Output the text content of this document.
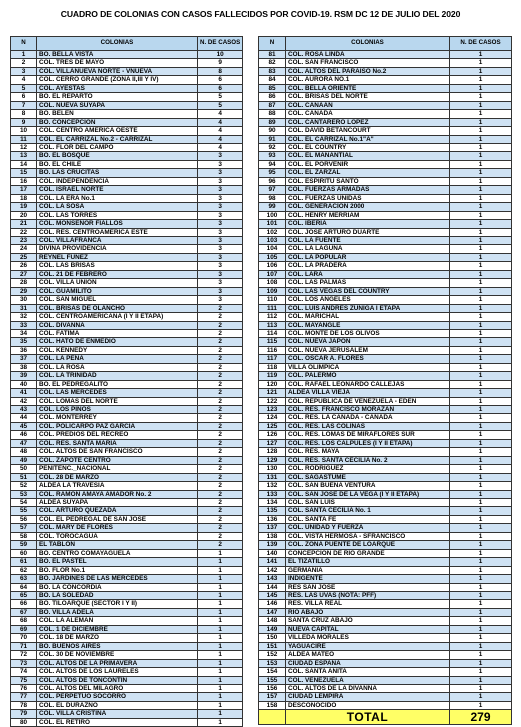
CUADRO DE COLONIAS CON CASOS FALLECIDOS POR COVID-19. RSM DC 12 DE JULIO DEL 2020
N	COLONIAS	N. DE CASOS
1	BO. BELLA VISTA	10
2	COL. TRES DE MAYO	9
3	COL. VILLANUEVA NORTE - VNUEVA	8
4	COL. CERRO GRANDE (ZONA II,III Y IV)	6
5	COL. AYESTAS	6
6	BO. EL REPARTO	5
7	COL. NUEVA SUYAPA	5
8	BO. BELEN	4
9	BO. CONCEPCIÓN	4
10	COL. CENTRO AMERICA OESTE	4
11	COL. EL CARRIZAL No.2 - CARRIZAL	4
12	COL. FLOR DEL CAMPO	4
13	BO. EL BOSQUE	3
14	BO. EL CHILE	3
15	BO. LAS CRUCITAS	3
16	COL. INDEPENDENCIA	3
17	COL. ISRAEL NORTE	3
18	COL. LA ERA No.1	3
19	COL. LA SOSA	3
20	COL. LAS TORRES	3
21	COL. MONSEÑOR FIALLOS	3
22	COL. RES. CENTROAMERICA ESTE	3
23	COL. VILLAFRANCA	3
24	DIVINA PROVIDENCIA	3
25	REYNEL FUNEZ	3
26	COL. LAS BRISAS	3
27	COL. 21 DE FEBRERO	3
28	COL. VILLA UNION	3
29	COL. GUAMILITO	3
30	COL. SAN MIGUEL	3
31	COL. BRISAS DE OLANCHO	2
32	COL. CENTROAMERICANA (I Y II ETAPA)	2
33	COL. DIVANNA	2
34	COL. FATIMA	2
35	COL. HATO DE ENMEDIO	2
36	COL. KENNEDY	2
37	COL. LA PEÑA	2
38	COL. LA ROSA	2
39	COL. LA TRINIDAD	2
40	BO. EL PEDREGALITO	2
41	COL. LAS MERCEDES	2
42	COL. LOMAS DEL NORTE	2
43	COL. LOS PINOS	2
44	COL. MONTERREY	2
45	COL. POLICARPO PAZ GARCIA	2
46	COL. PREDIOS DEL RECREO	2
47	COL. RES. SANTA MARIA	2
48	COL. ALTOS DE SAN FRANCISCO	2
49	COL. ZAPOTE CENTRO	2
50	PENITENC._NACIONAL	2
51	COL. 28 DE MARZO	2
52	ALDEA LA TRAVESIA	2
53	COL. RAMÓN AMAYA AMADOR No. 2	2
54	ALDEA SUYAPA	2
55	COL. ARTURO QUEZADA	2
56	COL. EL PEDREGAL DE SAN JOSE	2
57	COL. MARY DE FLORES	2
58	COL. TOROCAGUA	2
59	EL TABLON	2
60	BO. CENTRO COMAYAGUELA	1
61	BO. EL PASTEL	1
62	BO. FLOR No.1	1
63	BO. JARDINES DE LAS MERCEDES	1
64	BO. LA CONCORDIA	1
65	BO. LA SOLEDAD	1
66	BO. TILOARQUE (SECTOR I Y II)	1
67	BO. VILLA ADELA	1
68	COL. LA ALEMAN	1
69	COL. 1 DE DICIEMBRE	1
70	COL. 18 DE MARZO	1
71	BO. BUENOS AIRES	1
72	COL. 30 DE NOVIEMBRE	1
73	COL. ALTOS DE LA PRIMAVERA	1
74	COL. ALTOS DE LOS LAURELES	1
75	COL. ALTOS DE TONCONTIN	1
76	COL. ALTOS DEL MILAGRO	1
77	COL. PERPETUO SOCORRO	1
78	COL. EL DURAZNO	1
79	COL. VILLA CRISTINA	1
80	COL. EL RETIRO	1
N	COLONIAS	N. DE CASOS
81	COL. ROSA LINDA	1
82	COL. SAN FRANCISCO	1
83	COL. ALTOS DEL PARAISO No.2	1
84	COL. AURORA NO.1	1
85	COL. BELLA ORIENTE	1
86	COL. BRISAS DEL NORTE	1
87	COL. CANAAN	1
88	COL. CANADA	1
89	COL. CANTARERO LOPEZ	1
90	COL. DAVID BETANCOURT	1
91	COL. EL CARRIZAL No.1"A"	1
92	COL. EL COUNTRY	1
93	COL. EL MANANTIAL	1
94	COL. EL PORVENIR	1
95	COL. EL ZARZAL	1
96	COL. ESPIRITU SANTO	1
97	COL. FUERZAS ARMADAS	1
98	COL. FUERZAS UNIDAS	1
99	COL. GENERACION 2000	1
100	COL. HENRY MERRIAM	1
101	COL. IBERIA	1
102	COL. JOSE ARTURO DUARTE	1
103	COL. LA FUENTE	1
104	COL. LA LAGUNA	1
105	COL. LA POPULAR	1
106	COL. LA PRADERA	1
107	COL. LARA	1
108	COL. LAS PALMAS	1
109	COL. LAS VEGAS DEL COUNTRY	1
110	COL. LOS ANGELES	1
111	COL. LUIS ANDRES ZUNIGA I ETAPA	1
112	COL. MARICHAL	1
113	COL. MAYANGLE	1
114	COL. MONTE DE LOS OLIVOS	1
115	COL. NUEVA JAPON	1
116	COL. NUEVA JERUSALEM	1
117	COL. OSCAR A. FLORES	1
118	VILLA OLIMPICA	1
119	COL. PALERMO	1
120	COL. RAFAEL LEONARDO CALLEJAS	1
121	ALDEA VILLA VIEJA	1
122	COL. REPUBLICA DE VENEZUELA - EDEN	1
123	COL. RES. FRANCISCO MORAZAN	1
124	COL. RES. LA CAÑADA - CAÑADA	1
125	COL. RES. LAS COLINAS	1
126	COL. RES. LOMAS DE MIRAFLORES SUR	1
127	COL. RES. LOS CALPULES (I Y II ETAPA)	1
128	COL. RES. MAYA	1
129	COL. RES. SANTA CECILIA No. 2	1
130	COL. RODRIGUEZ	1
131	COL. SAGASTUME	1
132	COL. SAN BUENA VENTURA	1
133	COL. SAN JOSE DE LA VEGA (I Y II ETAPA)	1
134	COL. SAN LUIS	1
135	COL. SANTA CECILIA No. 1	1
136	COL. SANTA FE	1
137	COL. UNIDAD Y FUERZA	1
138	COL. VISTA HERMOSA - SFRANCISCO	1
139	COL. ZONA PUENTE DE LOARQUE	1
140	CONCEPCION DE RIO GRANDE	1
141	EL TIZATILLO	1
142	GERMANIA	1
143	INDIGENTE	1
144	RES SAN JOSE	1
145	RES. LAS UVAS (NOTA: PFF)	1
146	RES. VILLA REAL	1
147	RIO ABAJO	1
148	SANTA CRUZ ABAJO	1
149	NUEVA CAPITAL	1
150	VILLEDA MORALES	1
151	YAGUACIRE	1
152	ALDEA MATEO	1
153	CIUDAD ESPAÑA	1
154	COL. SANTA ANITA	1
155	COL. VENEZUELA	1
156	COL. ALTOS DE LA DIVANNA	1
157	CIUDAD LEMPIRA	1
158	DESCONOCIDO	1
	TOTAL	279
